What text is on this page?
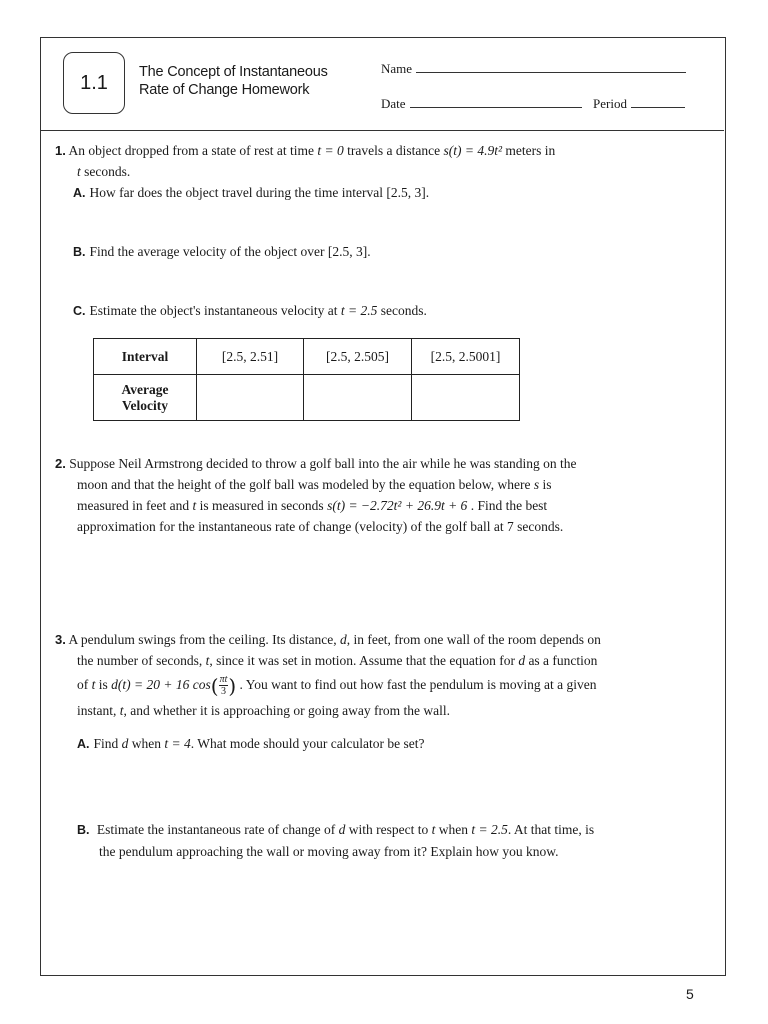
1.1 The Concept of Instantaneous
Rate of Change Homework
Name
Date	Period
1. An object dropped from a state of rest at time t = 0 travels a distance s(t) = 4.9t² meters in
t seconds.
A. How far does the object travel during the time interval [2.5, 3].
B. Find the average velocity of the object over [2.5, 3].
C. Estimate the object's instantaneous velocity at t = 2.5 seconds.
Interval	[2.5, 2.51]	[2.5, 2.505]	[2.5, 2.5001]

Average
Velocity			

2. Suppose Neil Armstrong decided to throw a golf ball into the air while he was standing on the
moon and that the height of the golf ball was modeled by the equation below, where s is
measured in feet and t is measured in seconds s(t) = −2.72t² + 26.9t + 6 . Find the best
approximation for the instantaneous rate of change (velocity) of the golf ball at 7 seconds.
3. A pendulum swings from the ceiling. Its distance, d, in feet, from one wall of the room depends on
the number of seconds, t, since it was set in motion. Assume that the equation for d as a function
of t is d(t) = 20 + 16 $\cos( \frac{\pi t}{3}$ ) . You want to find out how fast the pendulum is moving at a given
instant, t, and whether it is approaching or going away from the wall.
A. Find d when t = 4. What mode should your calculator be set?
B. Estimate the instantaneous rate of change of d with respect to t when t = 2.5. At that time, is
the pendulum approaching the wall or moving away from it? Explain how you know.
5
